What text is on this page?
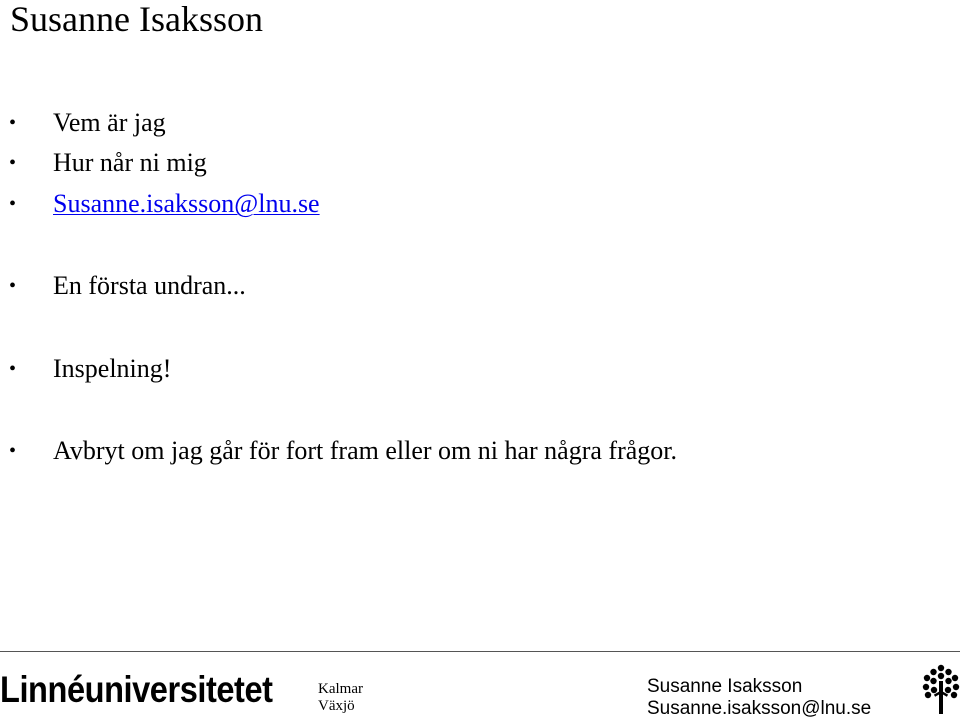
Susanne Isaksson
• Vem är jag
• Hur når ni mig
• Susanne.isaksson@lnu.se
• En första undran...
• Inspelning!
• Avbryt om jag går för fort fram eller om ni har några frågor.
Linnéuniversitetet	Kalmar
Växjö
Susanne Isaksson
Susanne.isaksson@lnu.se
